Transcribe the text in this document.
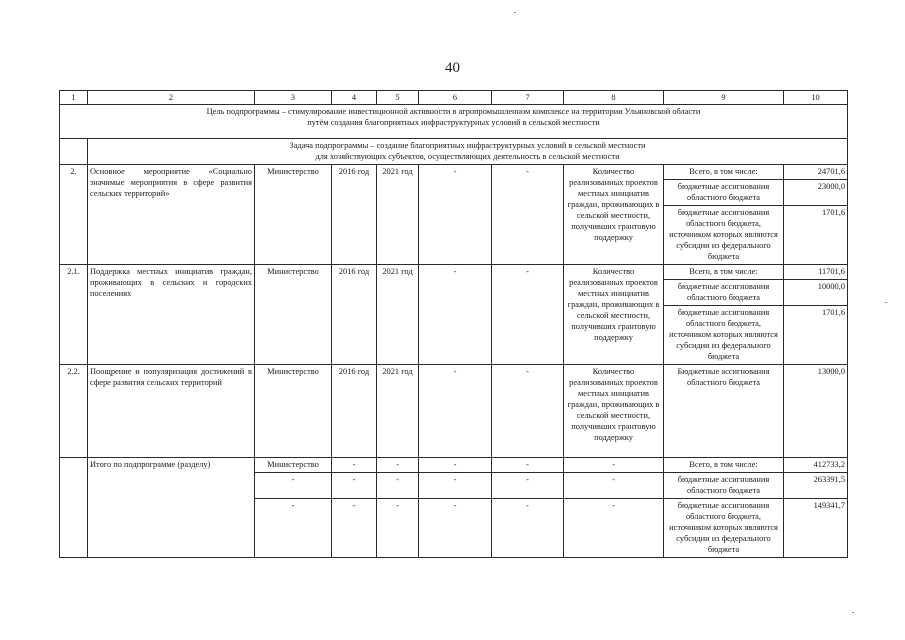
40
1	2	3	4	5	6	7	8	9	10

Цель подпрограммы – стимулирование инвестиционной активности в агропромышленном комплексе на территории Ульяновской области
путём создания благоприятных инфраструктурных условий в сельской местности									

	Задача подпрограммы – создание благоприятных инфраструктурных условий в сельской местности
для хозяйствующих субъектов, осуществляющих деятельность в сельской местности								

2.	Основное мероприятие «Социально значимые мероприятия в сфере развития сельских территорий»	Министерство	2016 год	2021 год	-	-	Количество реализованных проектов местных инициатив граждан, проживающих в сельской местности, получивших грантовую поддержку	Всего, в том числе:	24701,6
								бюджетные ассигнования областного бюджета	23000,0
								бюджетные ассигнования областного бюджета, источником которых являются субсидии из федерального бюджета	1701,6
2.1.	Поддержка местных инициатив граждан, проживающих в сельских и городских поселениях	Министерство	2016 год	2021 год	-	-	Количество реализованных проектов местных инициатив граждан, проживающих в сельской местности, получивших грантовую поддержку	Всего, в том числе:	11701,6
								бюджетные ассигнования областного бюджета	10000,0
								бюджетные ассигнования областного бюджета, источником которых являются субсидии из федерального бюджета	1701,6
2.2.	Поощрение и популяризация достижений в сфере развития сельских территорий	Министерство	2016 год	2021 год	-	-	Количество реализованных проектов местных инициатив граждан, проживающих в сельской местности, получивших грантовую поддержку	Бюджетные ассигнования областного бюджета	13000,0
	Итого по подпрограмме (разделу)	Министерство	-	-	-	-	-	Всего, в том числе:	412733,2
		-	-	-	-	-	-	бюджетные ассигнования областного бюджета	263391,5
		-	-	-	-	-	-	бюджетные ассигнования областного бюджета, источником которых являются субсидии из федерального бюджета	149341,7
